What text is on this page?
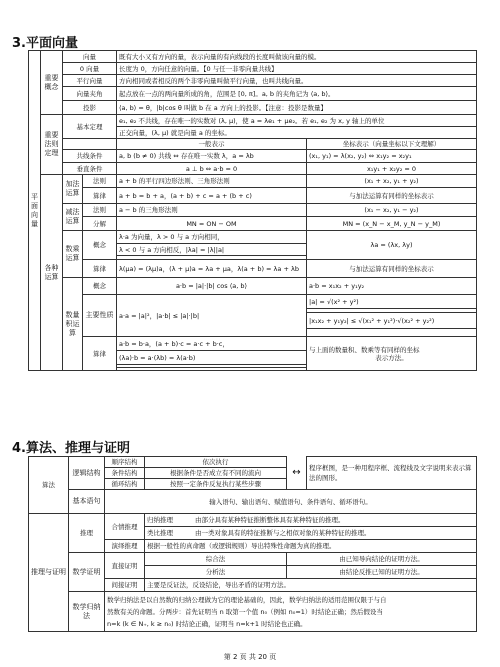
3.平面向量
平面向量	重要概念	向量		既有大小又有方向的量，表示向量的有向线段的长度叫做该向量的模。	
		0 向量		长度为 0，方向任意的向量。【0 与任一非零向量共线】	
		平行向量		方向相同或者相反的两个非零向量叫做平行向量，也叫共线向量。	
		向量夹角		起点放在一点的两向量所成的角，范围是 [0, π]。a, b 的夹角记为 ⟨a, b⟩。	
		投影		⟨a, b⟩ = θ，|b|cos θ 叫做 b 在 a 方向上的投影。【注意：投影是数量】	
	重要法则定理	基本定理		e₁, e₂ 不共线，存在唯一的实数对 (λ, μ)，使 a = λe₁ + μe₂。若 e₁, e₂ 为 x, y 轴上的单位	
				正交向量，(λ, μ) 就是向量 a 的坐标。	
				一般表示	坐标表示（向量坐标以下文理解）
		共线条件		a, b (b ≠ 0) 共线 ⇔ 存在唯一实数 λ，a = λb	(x₁, y₁) = λ(x₂, y₂) ⇔ x₁y₂ = x₂y₁
		垂直条件		a ⊥ b ⇔ a·b = 0	x₁y₁ + x₂y₂ = 0
	各种运算	加法运算	法则	a + b 的平行四边形法则、三角形法则	(x₁ + x₂, y₁ + y₂)
			算律	a + b = b + a，(a + b) + c = a + (b + c)	与加法运算有同样的坐标表示
		减法运算	法则	a − b 的三角形法则	(x₁ − x₂, y₁ − y₂)
			分解	MN = ON − OM	MN = (x_N − x_M, y_N − y_M)
		数乘运算	概念	λ·a 为向量，λ > 0 与 a 方向相同，	λa = (λx, λy)
				λ < 0 与 a 方向相反，|λa| = |λ||a|	

			算律	λ(μa) = (λμ)a，(λ + μ)a = λa + μa，λ(a + b) = λa + λb	与加法运算有同样的坐标表示
		数量积运算	概念	a·b = |a|·|b| cos ⟨a, b⟩	a·b = x₁x₂ + y₁y₂
			主要性质	a·a = |a|²，|a·b| ≤ |a|·|b|	|a| = √(x² + y²)

					|x₁x₂ + y₁y₂| ≤ √(x₁² + y₁²)·√(x₂² + y₂²)

			算律	a·b = b·a，(a + b)·c = a·c + b·c，	与上面的数量积、数乘等有同样的坐标
表示方法。

				(λa)·b = a·(λb) = λ(a·b)	

4.算法、推理与证明
算法	逻辑结构	顺序结构	依次执行	↔	程序框图，是一种用程序框、流程线及文字说明来表示算法的图形。
		条件结构	根据条件是否成立有不同的流向		
		循环结构	按照一定条件反复执行某些步骤		
	基本语句	输入语句、输出语句、赋值语句、条件语句、循环语句。			
推理与证明	推理	合情推理	归纳推理 由部分具有某种特征推断整体具有某种特征的推理。		
			类比推理 由一类对象具有的特征推断与之相似对象的某种特征的推理。		
		演绎推理	根据一般性的真命题（或逻辑规则）导出特殊性命题为真的推理。		
	数学证明	直接证明	综合法	由已知导向结论的证明方法。	
			分析法	由结论反推已知的证明方法。	
		间接证明	主要是反证法，反设结论，导出矛盾的证明方法。		
	数学归纳法	数学归纳法是以自然数的归纳公理做为它的理论基础的，因此，数学归纳法的适用范围仅限于与自
然数有关的命题。分两步：首先证明当 n 取第一个值 n₀（例如 n₀=1）时结论正确；然后假设当
n=k (k ∈ N₊, k ≥ n₀) 时结论正确，证明当 n=k+1 时结论也正确。			
第 2 页 共 20 页
